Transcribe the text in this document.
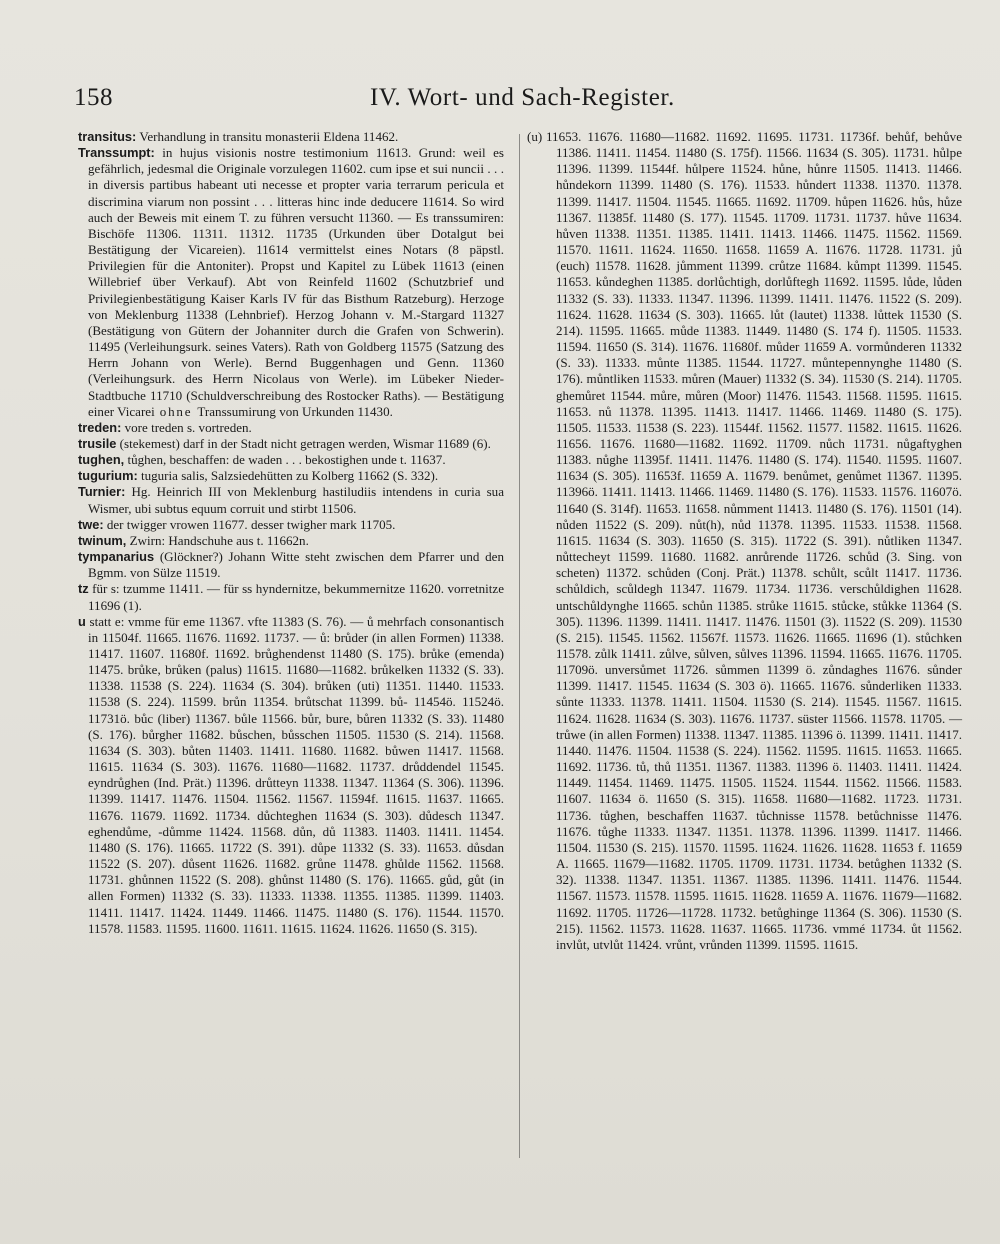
158	IV. Wort- und Sach-Register.

transitus: Verhandlung in transitu monasterii Eldena 11462.

Transsumpt: in hujus visionis nostre testimonium 11613. Grund: weil es gefährlich, jedesmal die Originale vorzulegen 11602. cum ipse et sui nuncii . . . in diversis partibus habeant uti necesse et propter varia terrarum pericula et discrimina viarum non possint . . . litteras hinc inde deducere 11614. So wird auch der Beweis mit einem T. zu führen versucht 11360. — Es transsumiren: Bischöfe 11306. 11311. 11312. 11735 (Urkunden über Dotalgut bei Bestätigung der Vicareien). 11614 vermittelst eines Notars (8 päpstl. Privilegien für die Antoniter). Propst und Kapitel zu Lübek 11613 (einen Willebrief über Verkauf). Abt von Reinfeld 11602 (Schutzbrief und Privilegienbestätigung Kaiser Karls IV für das Bisthum Ratzeburg). Herzoge von Meklenburg 11338 (Lehnbrief). Herzog Johann v. M.-Stargard 11327 (Bestätigung von Gütern der Johanniter durch die Grafen von Schwerin). 11495 (Verleihungsurk. seines Vaters). Rath von Goldberg 11575 (Satzung des Herrn Johann von Werle). Bernd Buggenhagen und Genn. 11360 (Verleihungsurk. des Herrn Nicolaus von Werle). im Lübeker Nieder-Stadtbuche 11710 (Schuldverschreibung des Rostocker Raths). — Bestätigung einer Vicarei ohne Transsumirung von Urkunden 11430.

treden: vore treden s. vortreden.

trusile (stekemest) darf in der Stadt nicht getragen werden, Wismar 11689 (6).

tughen, tůghen, beschaffen: de waden . . . bekostighen unde t. 11637.

tugurium: tuguria salis, Salzsiedehütten zu Kolberg 11662 (S. 332).

Turnier: Hg. Heinrich III von Meklenburg hastiludiis intendens in curia sua Wismer, ubi subtus equum corruit und stirbt 11506.

twe: der twigger vrowen 11677. desser twigher mark 11705.

twinum, Zwirn: Handschuhe aus t. 11662n.

tympanarius (Glöckner?) Johann Witte steht zwischen dem Pfarrer und den Bgmm. von Sülze 11519.

tz für s: tzumme 11411. — für ss hyndernitze, bekummernitze 11620. vorretnitze 11696 (1).

u statt e: vmme für eme 11367. vfte 11383 (S. 76). — ů mehrfach consonantisch in 11504f. 11665. 11676. 11692. 11737. — ů: brůder (in allen Formen) 11338. 11417. 11607. 11680f. 11692. brůghendenst 11480 (S. 175). brůke (emenda) 11475. brůke, brůken (palus) 11615. 11680—11682. brůkelken 11332 (S. 33). 11338. 11538 (S. 224). 11634 (S. 304). brůken (uti) 11351. 11440. 11533. 11538 (S. 224). 11599. brůn 11354. brůtschat 11399. bů- 11454ö. 11524ö. 11731ö. bůc (liber) 11367. bůle 11566. bůr, bure, bůren 11332 (S. 33). 11480 (S. 176). bůrgher 11682. bůschen, bůsschen 11505. 11530 (S. 214). 11568. 11634 (S. 303). bůten 11403. 11411. 11680. 11682. bůwen 11417. 11568. 11615. 11634 (S. 303). 11676. 11680—11682. 11737. drůddendel 11545. eyndrůghen (Ind. Prät.) 11396. drůtteyn 11338. 11347. 11364 (S. 306). 11396. 11399. 11417. 11476. 11504. 11562. 11567. 11594f. 11615. 11637. 11665. 11676. 11679. 11692. 11734. důchteghen 11634 (S. 303). důdesch 11347. eghendůme, -důmme 11424. 11568. důn, dů 11383. 11403. 11411. 11454. 11480 (S. 176). 11665. 11722 (S. 391). důpe 11332 (S. 33). 11653. důsdan 11522 (S. 207). důsent 11626. 11682. grůne 11478. ghůlde 11562. 11568. 11731. ghůnnen 11522 (S. 208). ghůnst 11480 (S. 176). 11665. gůd, gůt (in allen Formen) 11332 (S. 33). 11333. 11338. 11355. 11385. 11399. 11403. 11411. 11417. 11424. 11449. 11466. 11475. 11480 (S. 176). 11544. 11570. 11578. 11583. 11595. 11600. 11611. 11615. 11624. 11626. 11650 (S. 315).

(u) 11653. 11676. 11680—11682. 11692. 11695. 11731. 11736f. behůf, behůve 11386. 11411. 11454. 11480 (S. 175f). 11566. 11634 (S. 305). 11731. hůlpe 11396. 11399. 11544f. hůlpere 11524. hůne, hůnre 11505. 11413. 11466. hůndekorn 11399. 11480 (S. 176). 11533. hůndert 11338. 11370. 11378. 11399. 11417. 11504. 11545. 11665. 11692. 11709. hůpen 11626. hůs, hůze 11367. 11385f. 11480 (S. 177). 11545. 11709. 11731. 11737. hůve 11634. hůven 11338. 11351. 11385. 11411. 11413. 11466. 11475. 11562. 11569. 11570. 11611. 11624. 11650. 11658. 11659 A. 11676. 11728. 11731. jů (euch) 11578. 11628. jůmment 11399. crůtze 11684. kůmpt 11399. 11545. 11653. kůndeghen 11385. dorlůchtigh, dorlůftegh 11692. 11595. lůde, lůden 11332 (S. 33). 11333. 11347. 11396. 11399. 11411. 11476. 11522 (S. 209). 11624. 11628. 11634 (S. 303). 11665. lůt (lautet) 11338. lůttek 11530 (S. 214). 11595. 11665. můde 11383. 11449. 11480 (S. 174 f). 11505. 11533. 11594. 11650 (S. 314). 11676. 11680f. můder 11659 A. vormůnderen 11332 (S. 33). 11333. můnte 11385. 11544. 11727. můntepennynghe 11480 (S. 176). můntliken 11533. můren (Mauer) 11332 (S. 34). 11530 (S. 214). 11705. ghemůret 11544. můre, můren (Moor) 11476. 11543. 11568. 11595. 11615. 11653. nů 11378. 11395. 11413. 11417. 11466. 11469. 11480 (S. 175). 11505. 11533. 11538 (S. 223). 11544f. 11562. 11577. 11582. 11615. 11626. 11656. 11676. 11680—11682. 11692. 11709. nůch 11731. nůgaftyghen 11383. nůghe 11395f. 11411. 11476. 11480 (S. 174). 11540. 11595. 11607. 11634 (S. 305). 11653f. 11659 A. 11679. benůmet, genůmet 11367. 11395. 11396ö. 11411. 11413. 11466. 11469. 11480 (S. 176). 11533. 11576. 11607ö. 11640 (S. 314f). 11653. 11658. nůmment 11413. 11480 (S. 176). 11501 (14). nůden 11522 (S. 209). nůt(h), nůd 11378. 11395. 11533. 11538. 11568. 11615. 11634 (S. 303). 11650 (S. 315). 11722 (S. 391). nůtliken 11347. nůttecheyt 11599. 11680. 11682. anrůrende 11726. schůd (3. Sing. von scheten) 11372. schůden (Conj. Prät.) 11378. schůlt, scůlt 11417. 11736. schůldich, scůldegh 11347. 11679. 11734. 11736. verschůldighen 11628. untschůldynghe 11665. schůn 11385. strůke 11615. stůcke, stůkke 11364 (S. 305). 11396. 11399. 11411. 11417. 11476. 11501 (3). 11522 (S. 209). 11530 (S. 215). 11545. 11562. 11567f. 11573. 11626. 11665. 11696 (1). stůchken 11578. zůlk 11411. zůlve, sůlven, sůlves 11396. 11594. 11665. 11676. 11705. 11709ö. unversůmet 11726. sůmmen 11399 ö. zůndaghes 11676. sůnder 11399. 11417. 11545. 11634 (S. 303 ö). 11665. 11676. sůnderliken 11333. sůnte 11333. 11378. 11411. 11504. 11530 (S. 214). 11545. 11567. 11615. 11624. 11628. 11634 (S. 303). 11676. 11737. süster 11566. 11578. 11705. — trůwe (in allen Formen) 11338. 11347. 11385. 11396 ö. 11399. 11411. 11417. 11440. 11476. 11504. 11538 (S. 224). 11562. 11595. 11615. 11653. 11665. 11692. 11736. tů, thů 11351. 11367. 11383. 11396 ö. 11403. 11411. 11424. 11449. 11454. 11469. 11475. 11505. 11524. 11544. 11562. 11566. 11583. 11607. 11634 ö. 11650 (S. 315). 11658. 11680—11682. 11723. 11731. 11736. tůghen, beschaffen 11637. tůchnisse 11578. betůchnisse 11476. 11676. tůghe 11333. 11347. 11351. 11378. 11396. 11399. 11417. 11466. 11504. 11530 (S. 215). 11570. 11595. 11624. 11626. 11628. 11653 f. 11659 A. 11665. 11679—11682. 11705. 11709. 11731. 11734. betůghen 11332 (S. 32). 11338. 11347. 11351. 11367. 11385. 11396. 11411. 11476. 11544. 11567. 11573. 11578. 11595. 11615. 11628. 11659 A. 11676. 11679—11682. 11692. 11705. 11726—11728. 11732. betůghinge 11364 (S. 306). 11530 (S. 215). 11562. 11573. 11628. 11637. 11665. 11736. vmmé 11734. ůt 11562. invlůt, utvlůt 11424. vrůnt, vrůnden 11399. 11595. 11615.
